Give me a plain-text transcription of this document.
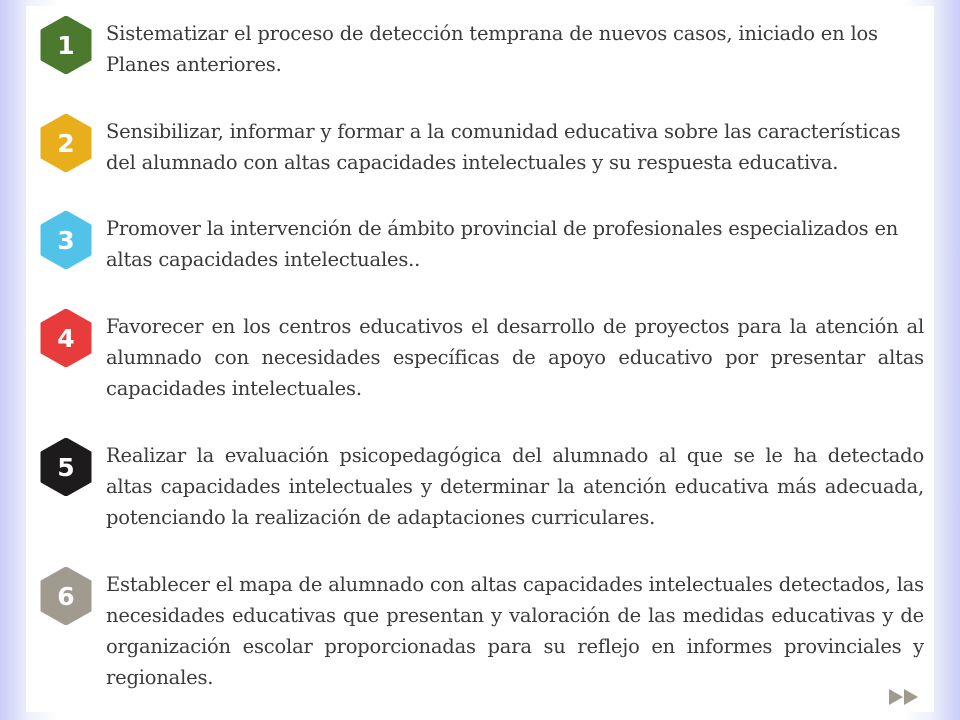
1	Sistematizar el proceso de detección temprana de nuevos casos, iniciado en los Planes anteriores.
2	Sensibilizar, informar y formar a la comunidad educativa sobre las características del alumnado con altas capacidades intelectuales y su respuesta educativa.
3	Promover la intervención de ámbito provincial de profesionales especializados en altas capacidades intelectuales..
4	Favorecer en los centros educativos el desarrollo de proyectos para la atención al alumnado con necesidades específicas de apoyo educativo por presentar altas capacidades intelectuales.
5	Realizar la evaluación psicopedagógica del alumnado al que se le ha detectado altas capacidades intelectuales y determinar la atención educativa más adecuada, potenciando la realización de adaptaciones curriculares.
6	Establecer el mapa de alumnado con altas capacidades intelectuales detectados, las necesidades educativas que presentan y valoración de las medidas educativas y de organización escolar proporcionadas para su reflejo en informes provinciales y regionales.
